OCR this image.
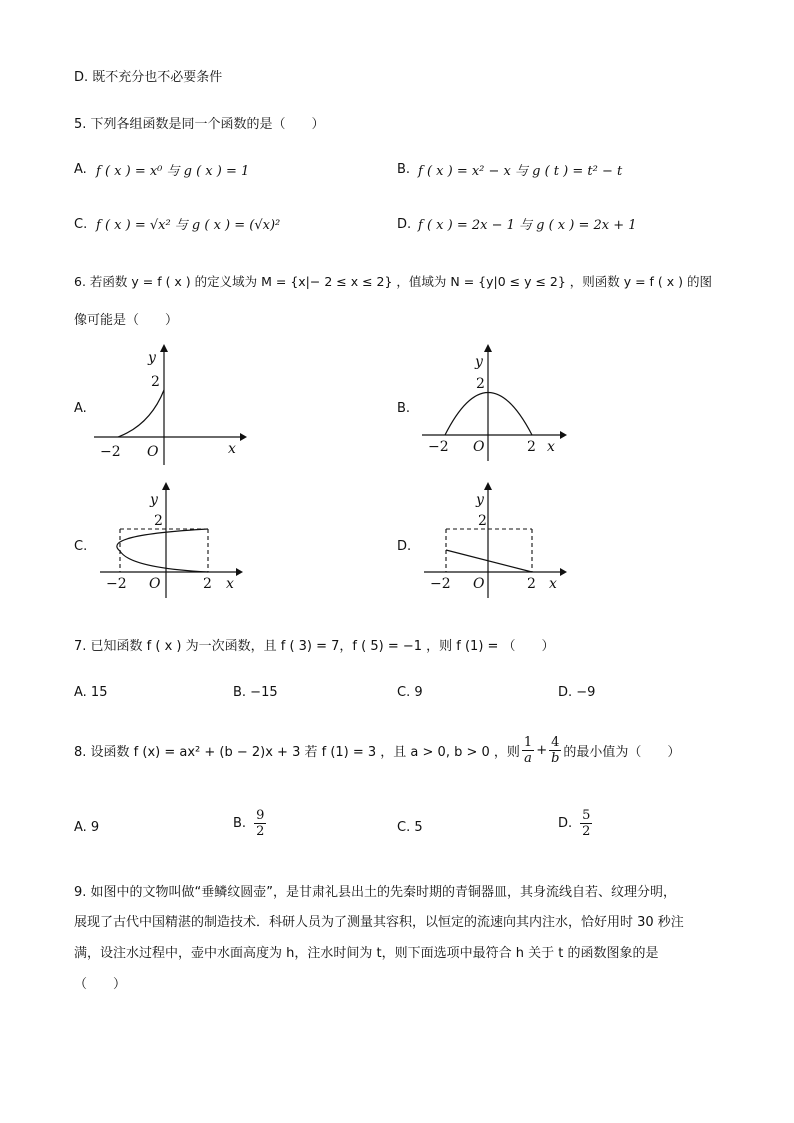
D. 既不充分也不必要条件
5. 下列各组函数是同一个函数的是（　　）
A. f ( x ) = x⁰ 与 g ( x ) = 1	B. f ( x ) = x² − x 与 g ( t ) = t² − t
C. f ( x ) = √x² 与 g ( x ) = (√x)²	D. f ( x ) = 2x − 1 与 g ( x ) = 2x + 1
6. 若函数 y = f ( x ) 的定义域为 M = {x|− 2 ≤ x ≤ 2} ，值域为 N = {y|0 ≤ y ≤ 2} ，则函数 y = f ( x ) 的图
像可能是（　　）
A.	B.
C.	D.
y
2
−2 O	x
y
2
−2 O	2 x
y
2
−2 O	2 x
y
2
−2 O	2 x
7. 已知函数 f ( x ) 为一次函数，且 f ( 3) = 7，f ( 5) = −1 ，则 f (1) = （　　）
A. 15	B. −15	C. 9	D. −9
8. 设函数 f (x) = ax² + (b − 2)x + 3 若 f (1) = 3 ，且 a > 0, b > 0 ，则 $\frac{1}{a} + \frac{4}{b}$ 的最小值为（　　）
A. 9	B. $\frac{9}{2}$	C. 5	D. $\frac{5}{2}$
9. 如图中的文物叫做“垂鳞纹圆壶”，是甘肃礼县出土的先秦时期的青铜器皿，其身流线自若、纹理分明，
展现了古代中国精湛的制造技术．科研人员为了测量其容积，以恒定的流速向其内注水，恰好用时 30 秒注
满，设注水过程中，壶中水面高度为 h，注水时间为 t，则下面选项中最符合 h 关于 t 的函数图象的是
（　　）
